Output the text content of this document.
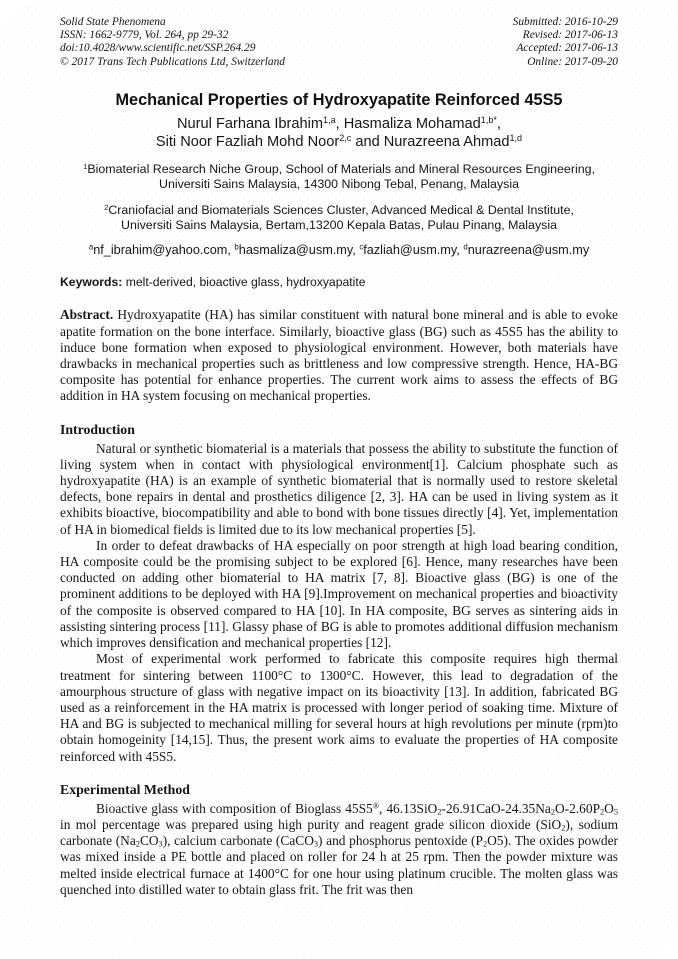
Solid State Phenomena
ISSN: 1662-9779, Vol. 264, pp 29-32
doi:10.4028/www.scientific.net/SSP.264.29
© 2017 Trans Tech Publications Ltd, Switzerland
Submitted: 2016-10-29
Revised: 2017-06-13
Accepted: 2017-06-13
Online: 2017-09-20
Mechanical Properties of Hydroxyapatite Reinforced 45S5
Nurul Farhana Ibrahim$^{1,a}$, Hasmaliza Mohamad$^{1,b*}$,
Siti Noor Fazliah Mohd Noor$^{2,c}$ and Nurazreena Ahmad$^{1,d}$
$^1$Biomaterial Research Niche Group, School of Materials and Mineral Resources Engineering, Universiti Sains Malaysia, 14300 Nibong Tebal, Penang, Malaysia
$^2$Craniofacial and Biomaterials Sciences Cluster, Advanced Medical & Dental Institute, Universiti Sains Malaysia, Bertam,13200 Kepala Batas, Pulau Pinang, Malaysia
$^a$nf_ibrahim@yahoo.com, $^b$hasmaliza@usm.my, $^c$fazliah@usm.my, $^d$nurazreena@usm.my
Keywords: melt-derived, bioactive glass, hydroxyapatite

Abstract. Hydroxyapatite (HA) has similar constituent with natural bone mineral and is able to evoke apatite formation on the bone interface. Similarly, bioactive glass (BG) such as 45S5 has the ability to induce bone formation when exposed to physiological environment. However, both materials have drawbacks in mechanical properties such as brittleness and low compressive strength. Hence, HA-BG composite has potential for enhance properties. The current work aims to assess the effects of BG addition in HA system focusing on mechanical properties.

Introduction

Natural or synthetic biomaterial is a materials that possess the ability to substitute the function of living system when in contact with physiological environment[1]. Calcium phosphate such as hydroxyapatite (HA) is an example of synthetic biomaterial that is normally used to restore skeletal defects, bone repairs in dental and prosthetics diligence [2, 3]. HA can be used in living system as it exhibits bioactive, biocompatibility and able to bond with bone tissues directly [4]. Yet, implementation of HA in biomedical fields is limited due to its low mechanical properties [5].

In order to defeat drawbacks of HA especially on poor strength at high load bearing condition, HA composite could be the promising subject to be explored [6]. Hence, many researches have been conducted on adding other biomaterial to HA matrix [7, 8]. Bioactive glass (BG) is one of the prominent additions to be deployed with HA [9].Improvement on mechanical properties and bioactivity of the composite is observed compared to HA [10]. In HA composite, BG serves as sintering aids in assisting sintering process [11]. Glassy phase of BG is able to promotes additional diffusion mechanism which improves densification and mechanical properties [12].

Most of experimental work performed to fabricate this composite requires high thermal treatment for sintering between 1100°C to 1300°C. However, this lead to degradation of the amourphous structure of glass with negative impact on its bioactivity [13]. In addition, fabricated BG used as a reinforcement in the HA matrix is processed with longer period of soaking time. Mixture of HA and BG is subjected to mechanical milling for several hours at high revolutions per minute (rpm)to obtain homogeinity [14,15]. Thus, the present work aims to evaluate the properties of HA composite reinforced with 45S5.

Experimental Method

Bioactive glass with composition of Bioglass 45S5®, $46.13SiO_2-26.91CaO-24.35Na_2O-2.60P_2O_5$ in mol percentage was prepared using high purity and reagent grade silicon dioxide (SiO$_2$), sodium carbonate $(Na_2CO_3)$, calcium carbonate (CaCO$_3$) and phosphorus pentoxide $(P_2O5)$. The oxides powder was mixed inside a PE bottle and placed on roller for 24 h at 25 rpm. Then the powder mixture was melted inside electrical furnace at 1400°C for one hour using platinum crucible. The molten glass was quenched into distilled water to obtain glass frit. The frit was then
